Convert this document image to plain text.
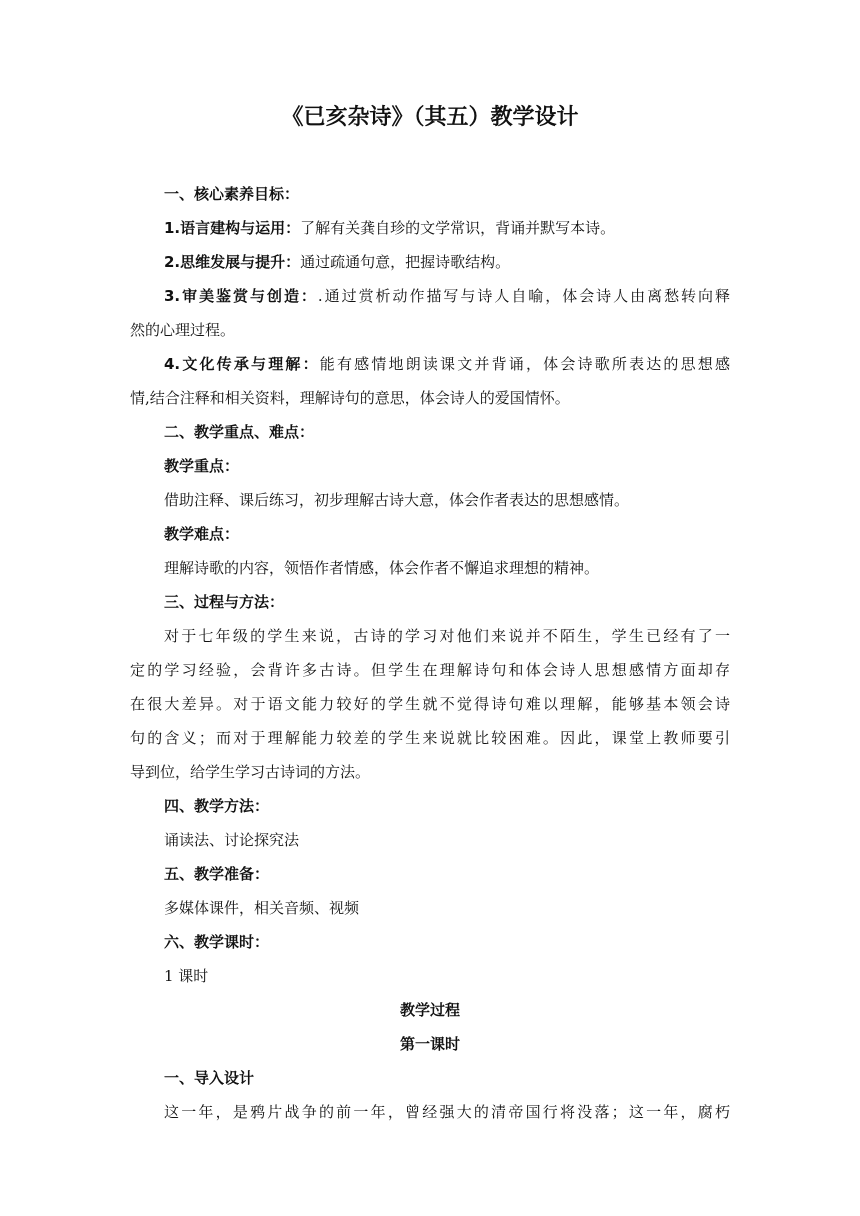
《已亥杂诗》（其五）教学设计
一、核心素养目标：
1.语言建构与运用：了解有关龚自珍的文学常识，背诵并默写本诗。
2.思维发展与提升：通过疏通句意，把握诗歌结构。
3.审美鉴赏与创造：.通过赏析动作描写与诗人自喻，体会诗人由离愁转向释
然的心理过程。
4.文化传承与理解：能有感情地朗读课文并背诵，体会诗歌所表达的思想感
情,结合注释和相关资料，理解诗句的意思，体会诗人的爱国情怀。
二、教学重点、难点：
教学重点：
借助注释、课后练习，初步理解古诗大意，体会作者表达的思想感情。
教学难点：
理解诗歌的内容，领悟作者情感，体会作者不懈追求理想的精神。
三、过程与方法：
对于七年级的学生来说，古诗的学习对他们来说并不陌生，学生已经有了一
定的学习经验，会背许多古诗。但学生在理解诗句和体会诗人思想感情方面却存
在很大差异。对于语文能力较好的学生就不觉得诗句难以理解，能够基本领会诗
句的含义；而对于理解能力较差的学生来说就比较困难。因此，课堂上教师要引
导到位，给学生学习古诗词的方法。
四、教学方法：
诵读法、讨论探究法
五、教学准备：
多媒体课件，相关音频、视频
六、教学课时：
1 课时
教学过程
第一课时
一、导入设计
这一年，是鸦片战争的前一年，曾经强大的清帝国行将没落；这一年，腐朽
